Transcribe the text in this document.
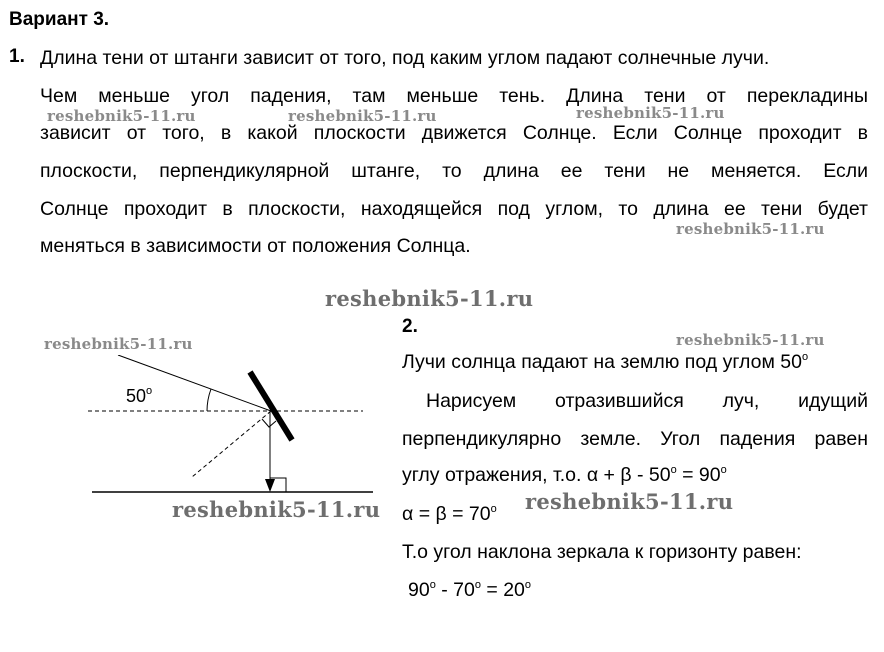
Вариант 3.
1. Длина тени от штанги зависит от того, под каким углом падают солнечные лучи.
Чем меньше угол падения, там меньше тень. Длина тени от перекладины
зависит от того, в какой плоскости движется Солнце. Если Солнце проходит в
плоскости, перпендикулярной штанге, то длина ее тени не меняется. Если
Солнце проходит в плоскости, находящейся под углом, то длина ее тени будет
меняться в зависимости от положения Солнца.
reshebnik5-11.ru	reshebnik5-11.ru	reshebnik5-11.ru
reshebnik5-11.ru
reshebnik5-11.ru
reshebnik5-11.ru	reshebnik5-11.ru
reshebnik5-11.ru	reshebnik5-11.ru
50$^o$
2.
Лучи солнца падают на землю под углом 50$^o$
Нарисуем отразившийся луч, идущий
перпендикулярно земле. Угол падения равен
углу отражения, т.о. $\alpha + \beta - 50^o = 90^o$
$\alpha = \beta = 70^o$
Т.о угол наклона зеркала к горизонту равен:
$90^o - 70^o = 20^o$
